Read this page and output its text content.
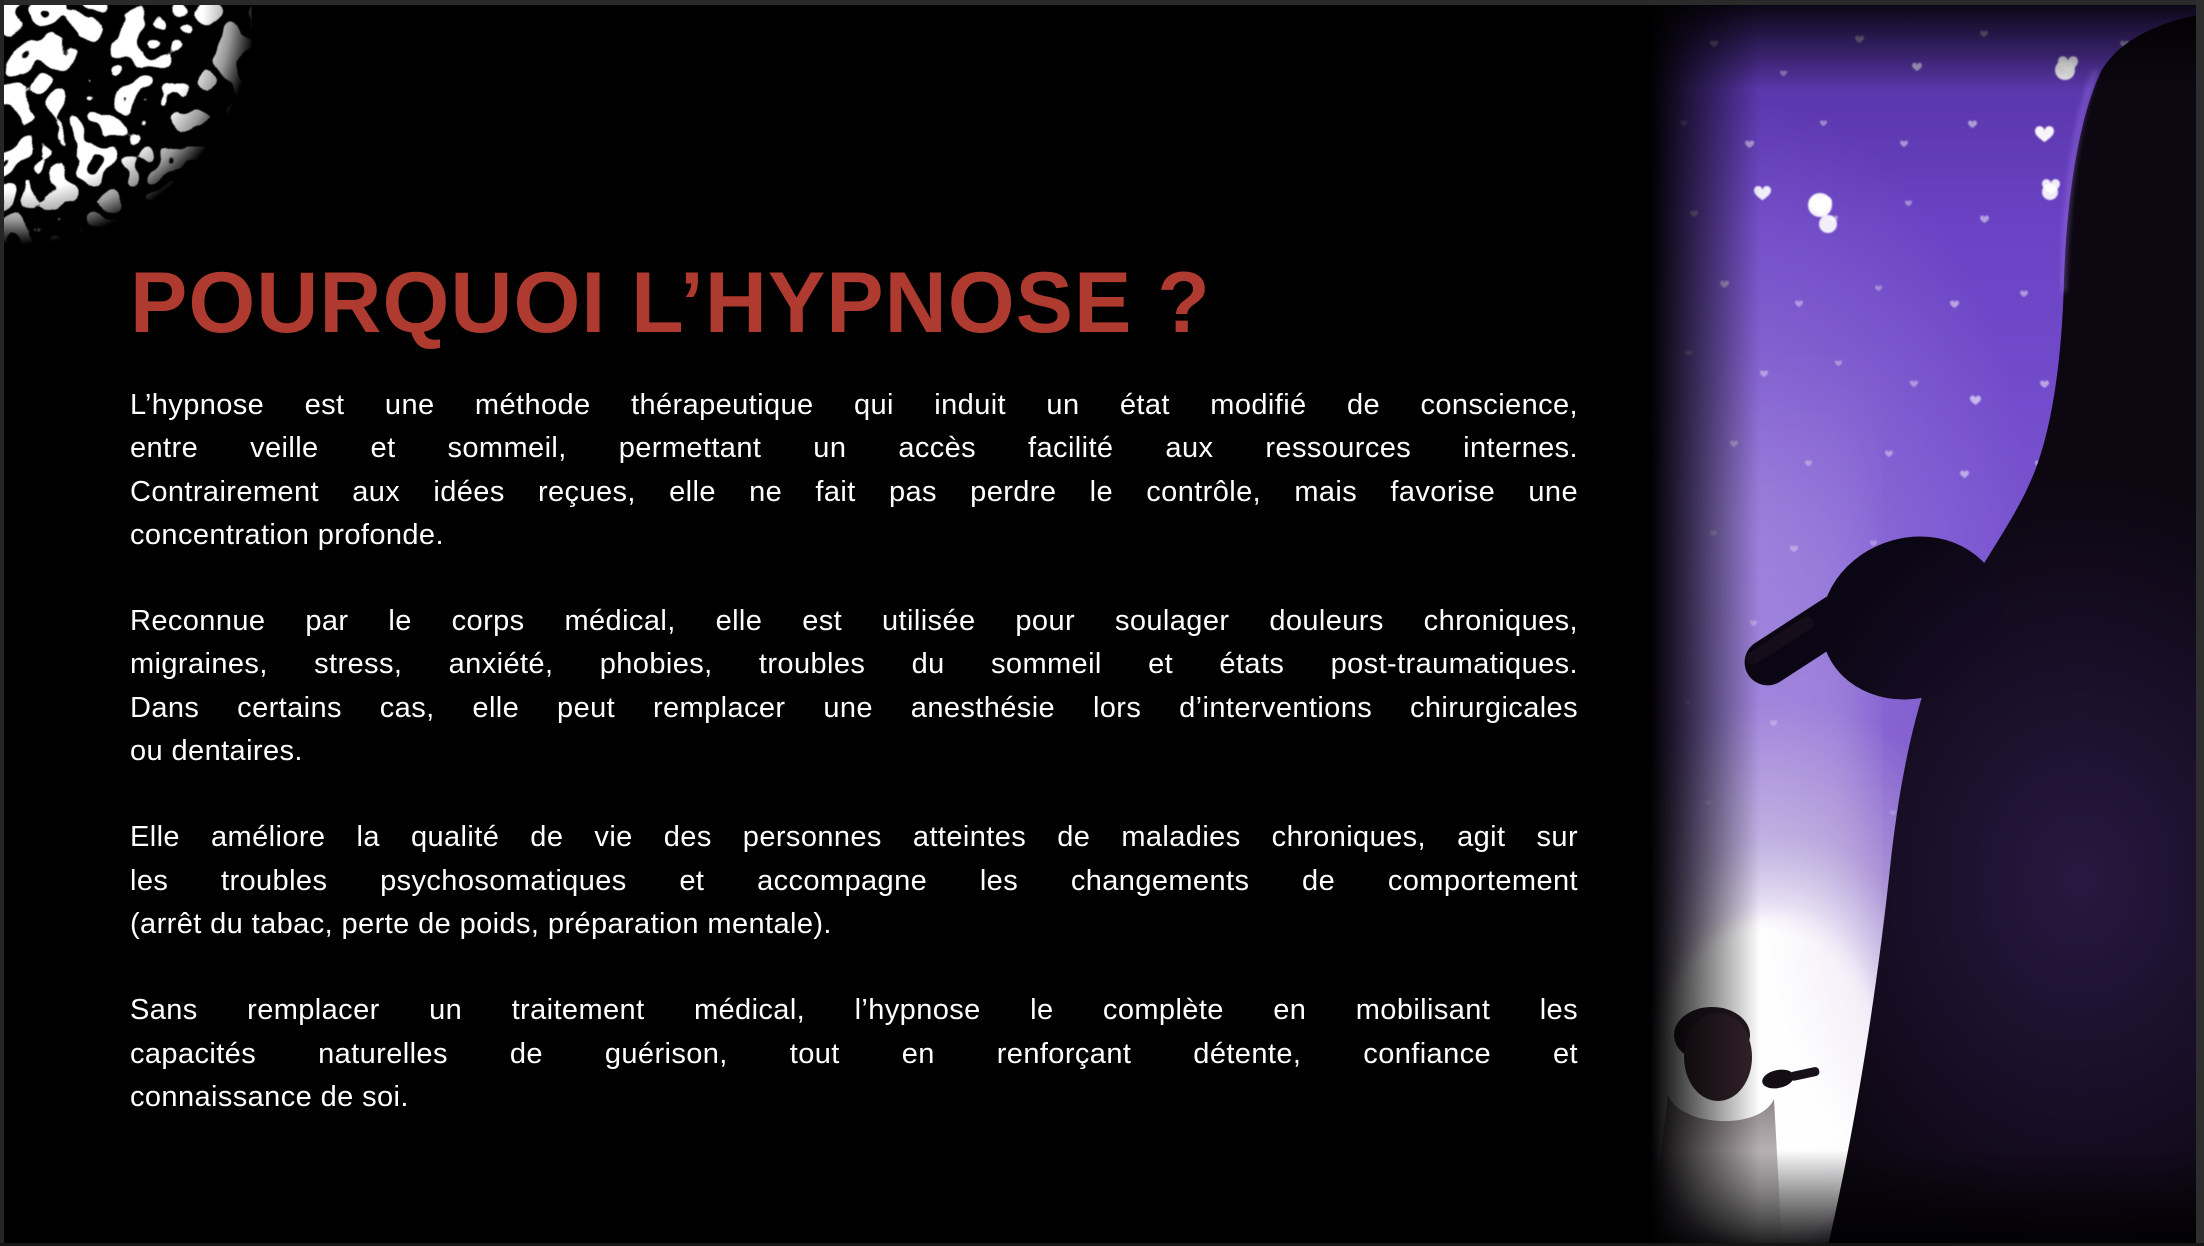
POURQUOI L’HYPNOSE ?

L’hypnose est une méthode thérapeutique qui induit un état modifié de conscience,
entre veille et sommeil, permettant un accès facilité aux ressources internes.
Contrairement aux idées reçues, elle ne fait pas perdre le contrôle, mais favorise une
concentration profonde.

Reconnue par le corps médical, elle est utilisée pour soulager douleurs chroniques,
migraines, stress, anxiété, phobies, troubles du sommeil et états post-traumatiques.
Dans certains cas, elle peut remplacer une anesthésie lors d’interventions chirurgicales
ou dentaires.

Elle améliore la qualité de vie des personnes atteintes de maladies chroniques, agit sur
les troubles psychosomatiques et accompagne les changements de comportement
(arrêt du tabac, perte de poids, préparation mentale).

Sans remplacer un traitement médical, l’hypnose le complète en mobilisant les
capacités naturelles de guérison, tout en renforçant détente, confiance et
connaissance de soi.
